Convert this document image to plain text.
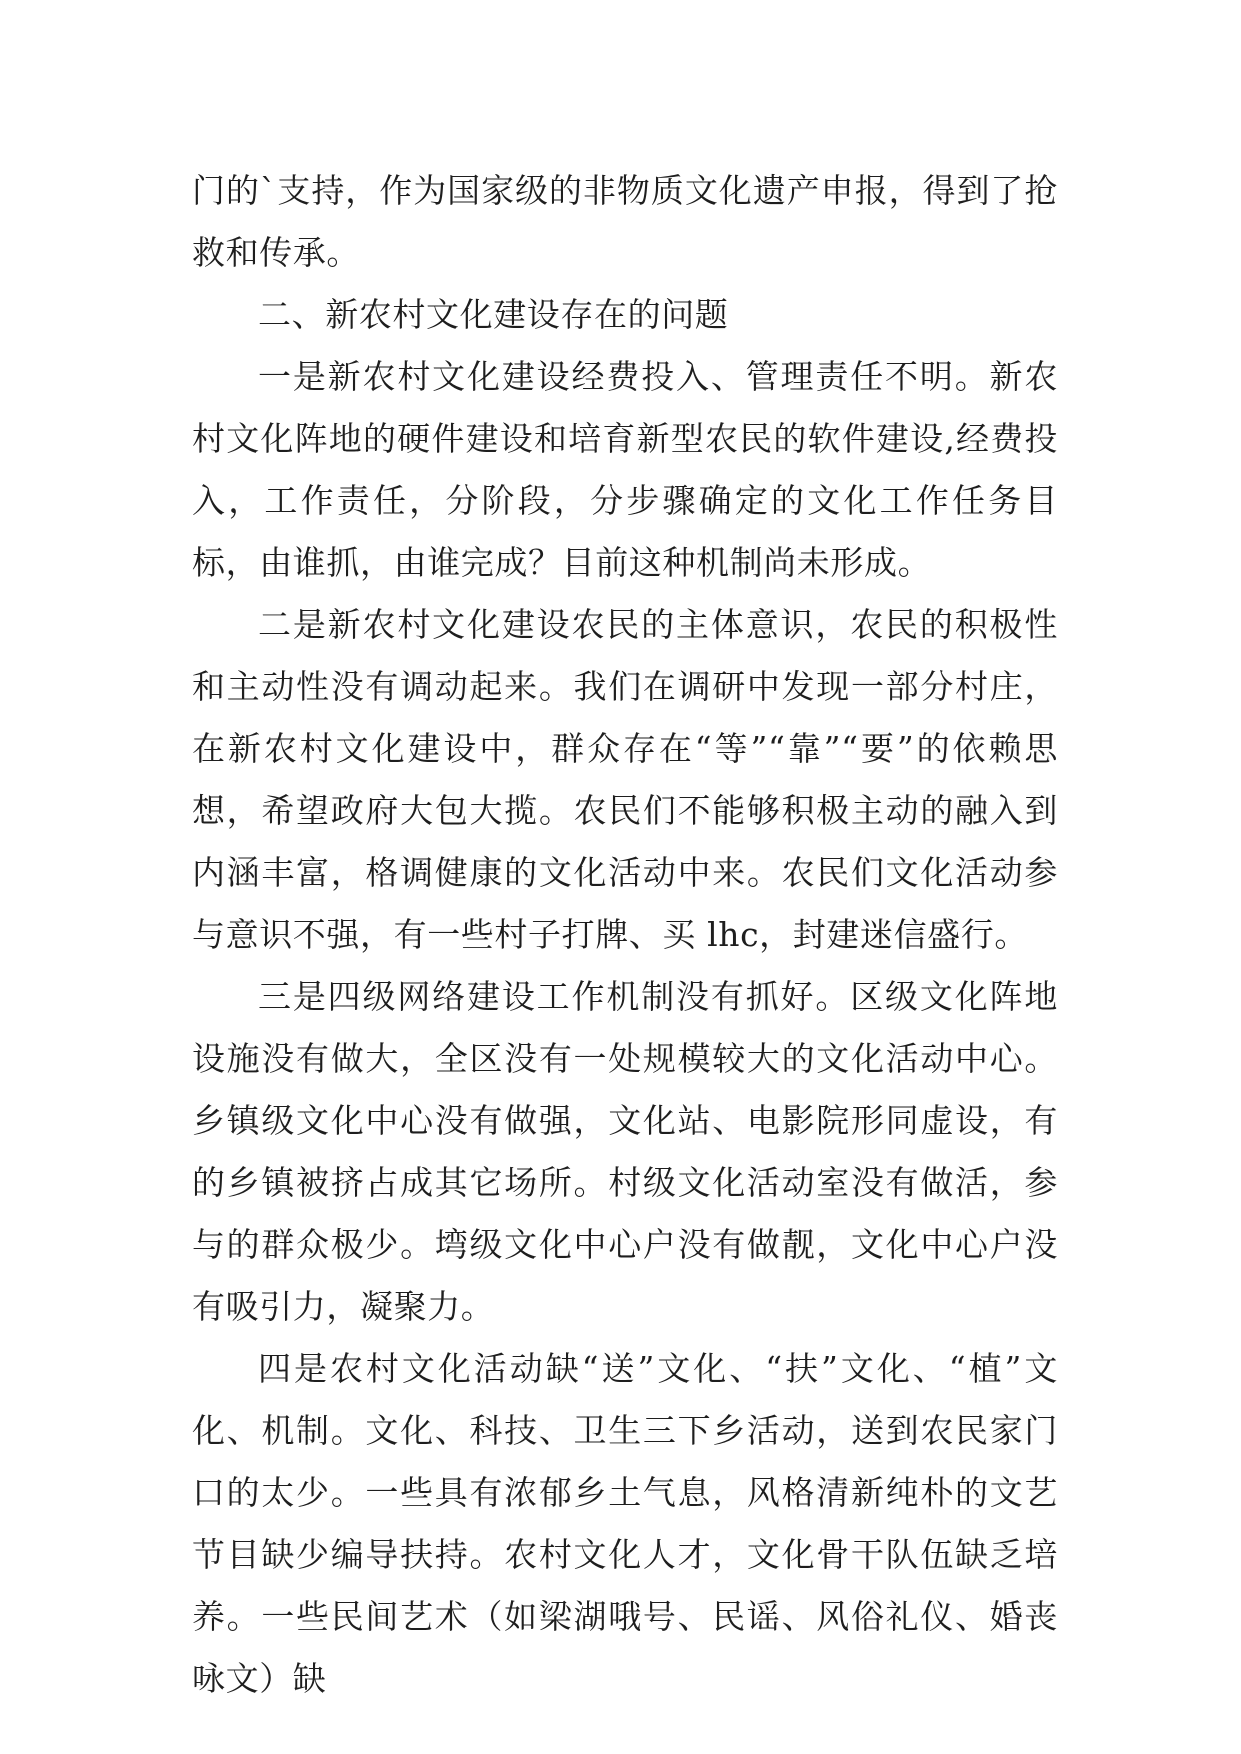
门的`支持，作为国家级的非物质文化遗产申报，得到了抢救和传承。

二、新农村文化建设存在的问题

一是新农村文化建设经费投入、管理责任不明。新农村文化阵地的硬件建设和培育新型农民的软件建设,经费投入，工作责任，分阶段，分步骤确定的文化工作任务目标，由谁抓，由谁完成？目前这种机制尚未形成。

二是新农村文化建设农民的主体意识，农民的积极性和主动性没有调动起来。我们在调研中发现一部分村庄，在新农村文化建设中，群众存在“等”“靠”“要”的依赖思想，希望政府大包大揽。农民们不能够积极主动的融入到内涵丰富，格调健康的文化活动中来。农民们文化活动参与意识不强，有一些村子打牌、买 lhc，封建迷信盛行。

三是四级网络建设工作机制没有抓好。区级文化阵地设施没有做大，全区没有一处规模较大的文化活动中心。乡镇级文化中心没有做强，文化站、电影院形同虚设，有的乡镇被挤占成其它场所。村级文化活动室没有做活，参与的群众极少。塆级文化中心户没有做靓，文化中心户没有吸引力，凝聚力。

四是农村文化活动缺“送”文化、“扶”文化、“植”文化、机制。文化、科技、卫生三下乡活动，送到农民家门口的太少。一些具有浓郁乡土气息，风格清新纯朴的文艺节目缺少编导扶持。农村文化人才，文化骨干队伍缺乏培养。一些民间艺术（如梁湖哦号、民谣、风俗礼仪、婚丧咏文）缺
